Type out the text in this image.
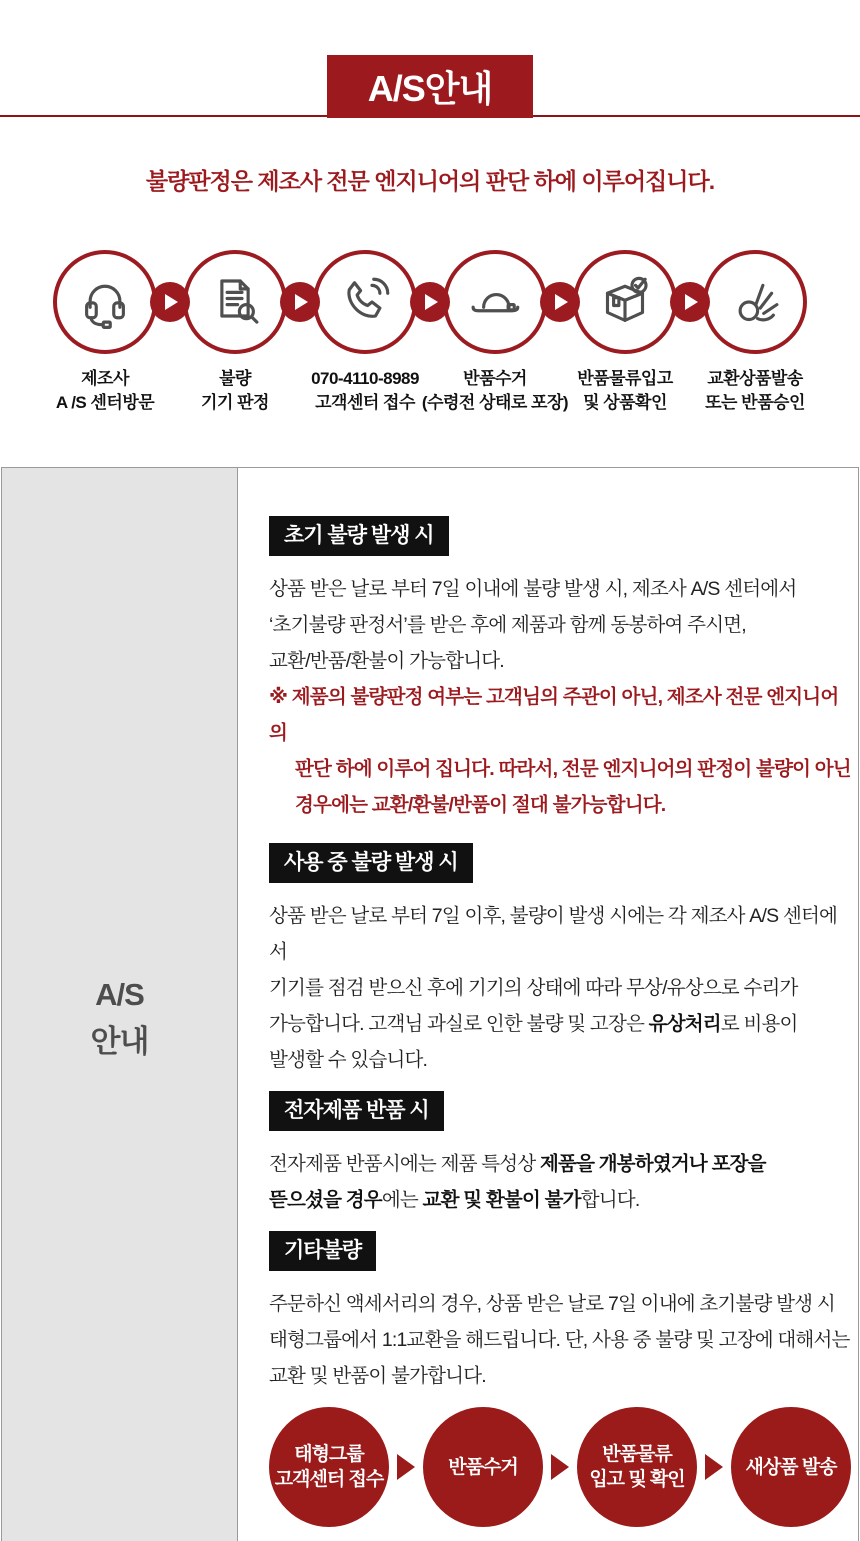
A/S안내
불량판정은 제조사 전문 엔지니어의 판단 하에 이루어집니다.
제조사
A /S 센터방문
불량
기기 판정
070-4110-8989
고객센터 접수
반품수거
(수령전 상태로 포장)
반품물류입고
및 상품확인
교환상품발송
또는 반품승인
A/S
안내
초기 불량 발생 시
상품 받은 날로 부터 7일 이내에 불량 발생 시, 제조사 A/S 센터에서
‘초기불량 판정서’를 받은 후에 제품과 함께 동봉하여 주시면,
교환/반품/환불이 가능합니다.
※ 제품의 불량판정 여부는 고객님의 주관이 아닌, 제조사 전문 엔지니어의
판단 하에 이루어 집니다. 따라서, 전문 엔지니어의 판정이 불량이 아닌
경우에는 교환/환불/반품이 절대 불가능합니다.
사용 중 불량 발생 시
상품 받은 날로 부터 7일 이후, 불량이 발생 시에는 각 제조사 A/S 센터에서
기기를 점검 받으신 후에 기기의 상태에 따라 무상/유상으로 수리가
가능합니다. 고객님 과실로 인한 불량 및 고장은 유상처리로 비용이
발생할 수 있습니다.
전자제품 반품 시
전자제품 반품시에는 제품 특성상 제품을 개봉하였거나 포장을
뜯으셨을 경우에는 교환 및 환불이 불가합니다.
기타불량
주문하신 액세서리의 경우, 상품 받은 날로 7일 이내에 초기불량 발생 시
태형그룹에서 1:1교환을 해드립니다. 단, 사용 중 불량 및 고장에 대해서는
교환 및 반품이 불가합니다.
태형그룹
고객센터 접수
반품수거
반품물류
입고 및 확인
새상품 발송
